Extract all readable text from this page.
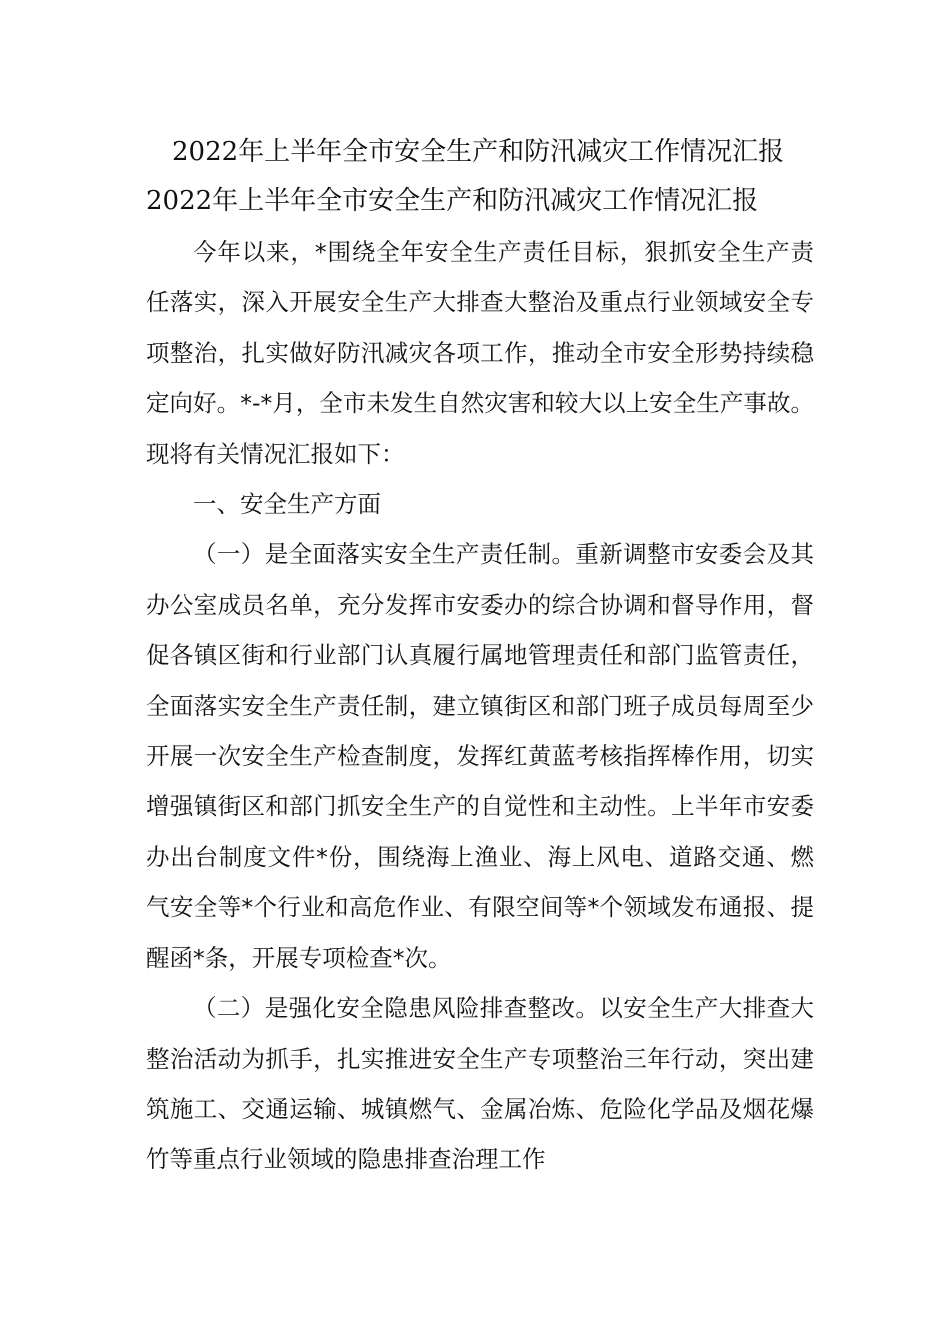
2022年上半年全市安全生产和防汛减灾工作情况汇报
2022年上半年全市安全生产和防汛减灾工作情况汇报

今年以来，*围绕全年安全生产责任目标，狠抓安全生产责任落实，深入开展安全生产大排查大整治及重点行业领域安全专项整治，扎实做好防汛减灾各项工作，推动全市安全形势持续稳定向好。*-*月，全市未发生自然灾害和较大以上安全生产事故。现将有关情况汇报如下：

一、安全生产方面

（一）是全面落实安全生产责任制。重新调整市安委会及其办公室成员名单，充分发挥市安委办的综合协调和督导作用，督促各镇区街和行业部门认真履行属地管理责任和部门监管责任，全面落实安全生产责任制，建立镇街区和部门班子成员每周至少开展一次安全生产检查制度，发挥红黄蓝考核指挥棒作用，切实增强镇街区和部门抓安全生产的自觉性和主动性。上半年市安委办出台制度文件*份，围绕海上渔业、海上风电、道路交通、燃气安全等*个行业和高危作业、有限空间等*个领域发布通报、提醒函*条，开展专项检查*次。

（二）是强化安全隐患风险排查整改。以安全生产大排查大整治活动为抓手，扎实推进安全生产专项整治三年行动，突出建筑施工、交通运输、城镇燃气、金属冶炼、危险化学品及烟花爆竹等重点行业领域的隐患排查治理工作
